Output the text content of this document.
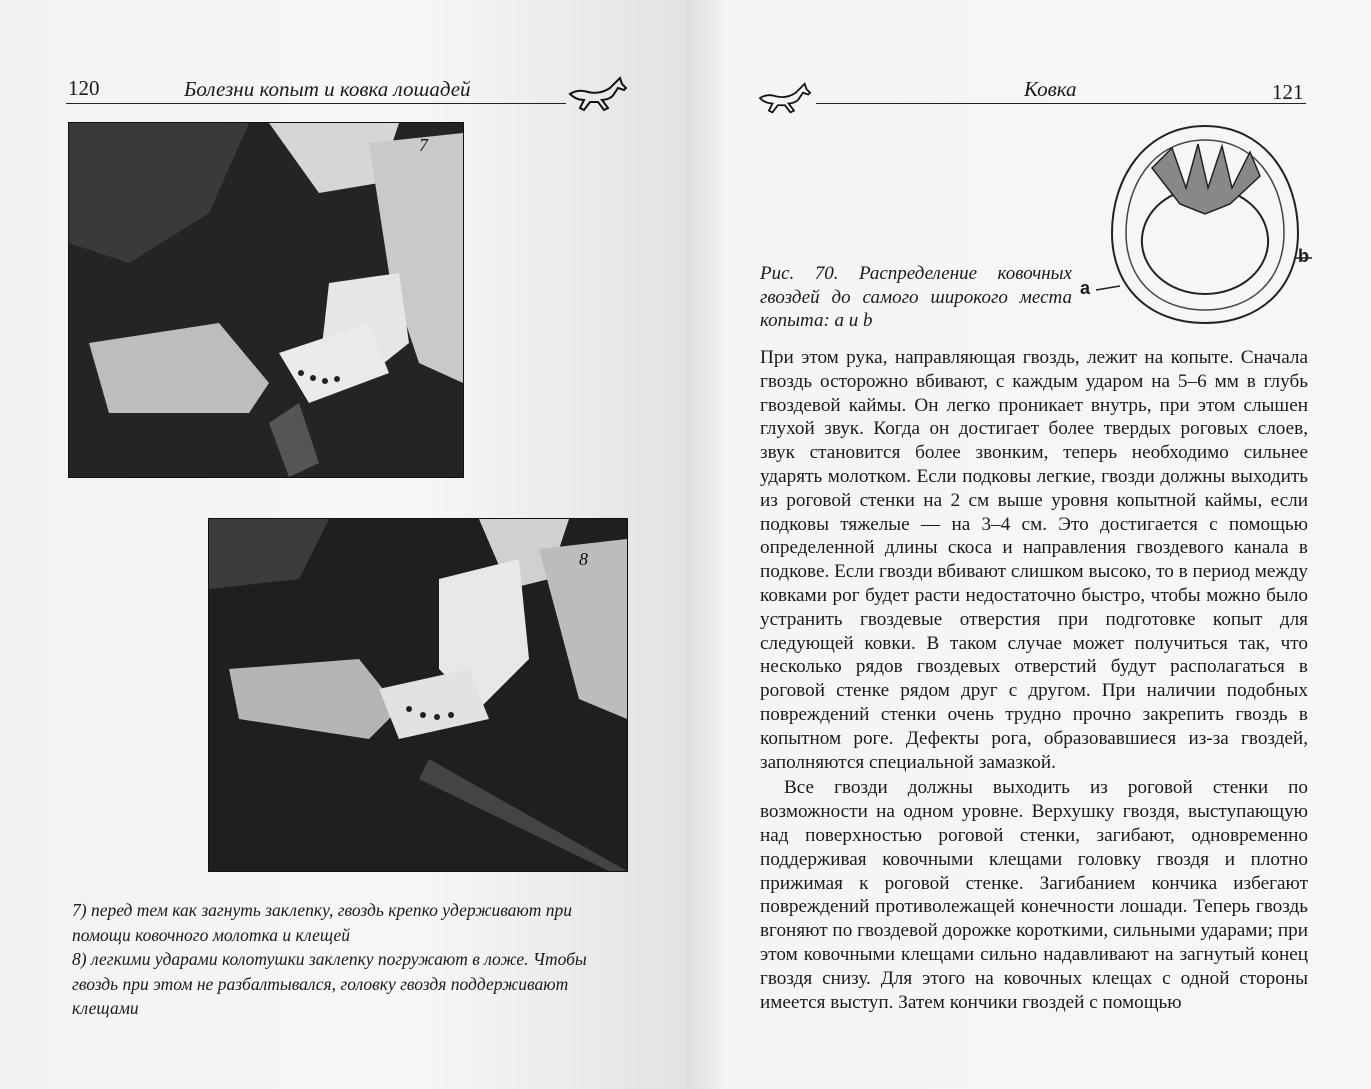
120	Болезни копыт и ковка лошадей
7
8

7) перед тем как загнуть заклепку, гвоздь крепко удерживают при помощи ковочного молотка и клещей

8) легкими ударами колотушки заклепку погружают в ложе. Чтобы гвоздь при этом не разбалтывался, головку гвоздя поддерживают клещами

Ковка	121
b
a
Рис. 70. Распределение ковочных гвоздей до самого широкого места копыта: a и b

При этом рука, направляющая гвоздь, лежит на копыте. Сначала гвоздь осторожно вбивают, с каждым ударом на 5–6 мм в глубь гвоздевой каймы. Он легко проникает внутрь, при этом слышен глухой звук. Когда он достигает более твердых роговых слоев, звук становится более звонким, теперь необходимо сильнее ударять молотком. Если подковы легкие, гвозди должны выходить из роговой стенки на 2 см выше уровня копытной каймы, если подковы тяжелые — на 3–4 см. Это достигается с помощью определенной длины скоса и направления гвоздевого канала в подкове. Если гвозди вбивают слишком высоко, то в период между ковками рог будет расти недостаточно быстро, чтобы можно было устранить гвоздевые отверстия при подготовке копыт для следующей ковки. В таком случае может получиться так, что несколько рядов гвоздевых отверстий будут располагаться в роговой стенке рядом друг с другом. При наличии подобных повреждений стенки очень трудно прочно закрепить гвоздь в копытном роге. Дефекты рога, образовавшиеся из-за гвоздей, заполняются специальной замазкой.

Все гвозди должны выходить из роговой стенки по возможности на одном уровне. Верхушку гвоздя, выступающую над поверхностью роговой стенки, загибают, одновременно поддерживая ковочными клещами головку гвоздя и плотно прижимая к роговой стенке. Загибанием кончика избегают повреждений противолежащей конечности лошади. Теперь гвоздь вгоняют по гвоздевой дорожке короткими, сильными ударами; при этом ковочными клещами сильно надавливают на загнутый конец гвоздя снизу. Для этого на ковочных клещах с одной стороны имеется выступ. Затем кончики гвоздей с помощью
